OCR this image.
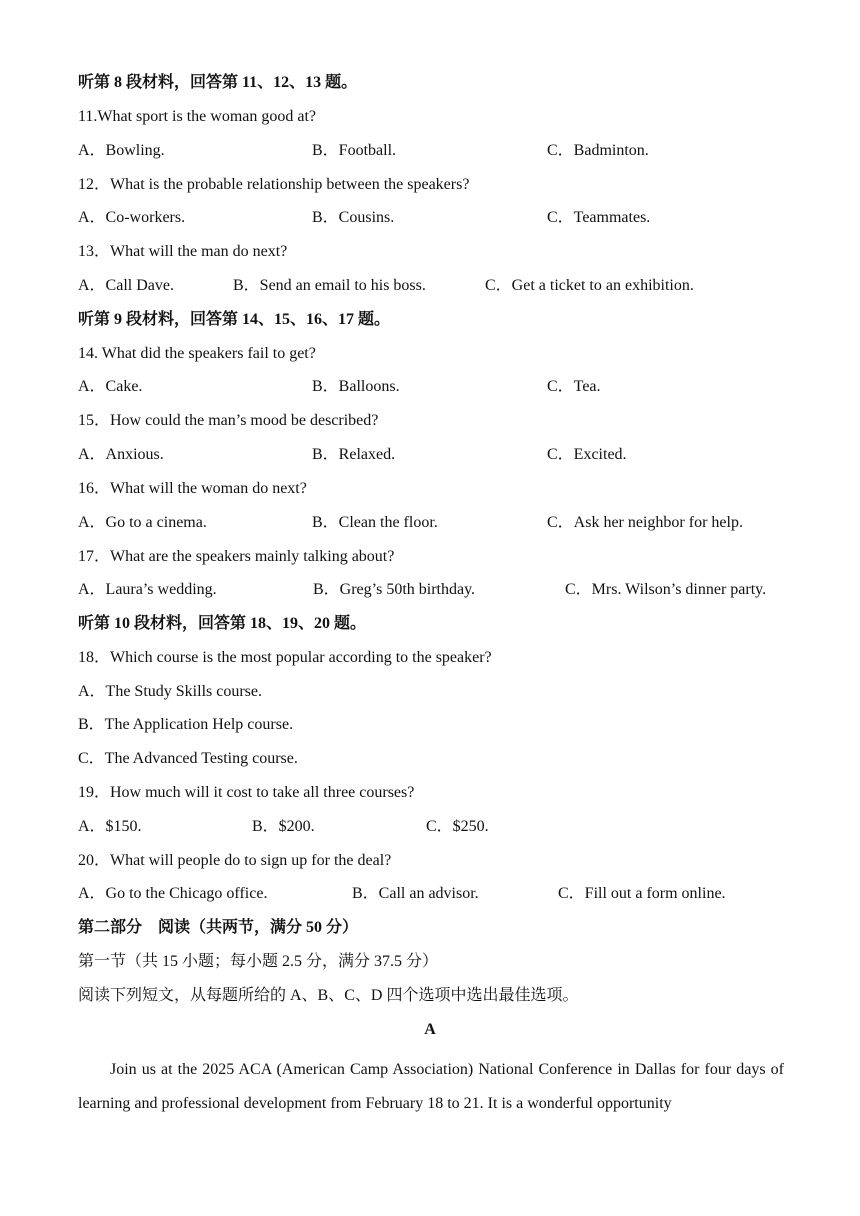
听第 8 段材料，回答第 11、12、13 题。
11.What sport is the woman good at?
A．Bowling.	B．Football.	C．Badminton.
12．What is the probable relationship between the speakers?
A．Co-workers.	B．Cousins.	C．Teammates.
13．What will the man do next?
A．Call Dave.	B．Send an email to his boss.	C．Get a ticket to an exhibition.
听第 9 段材料，回答第 14、15、16、17 题。
14. What did the speakers fail to get?
A．Cake.	B．Balloons.	C．Tea.
15．How could the man’s mood be described?
A．Anxious.	B．Relaxed.	C．Excited.
16．What will the woman do next?
A．Go to a cinema.	B．Clean the floor.	C．Ask her neighbor for help.
17．What are the speakers mainly talking about?
A．Laura’s wedding.	B．Greg’s 50th birthday.	C．Mrs. Wilson’s dinner party.
听第 10 段材料，回答第 18、19、20 题。
18．Which course is the most popular according to the speaker?
A．The Study Skills course.
B．The Application Help course.
C．The Advanced Testing course.
19．How much will it cost to take all three courses?
A．$150.	B．$200.	C．$250.
20．What will people do to sign up for the deal?
A．Go to the Chicago office.	B．Call an advisor.	C．Fill out a form online.
第二部分　阅读（共两节，满分 50 分）
第一节（共 15 小题；每小题 2.5 分，满分 37.5 分）
阅读下列短文，从每题所给的 A、B、C、D 四个选项中选出最佳选项。
A
Join us at the 2025 ACA (American Camp Association) National Conference in Dallas for four days of learning and professional development from February 18 to 21. It is a wonderful opportunity
